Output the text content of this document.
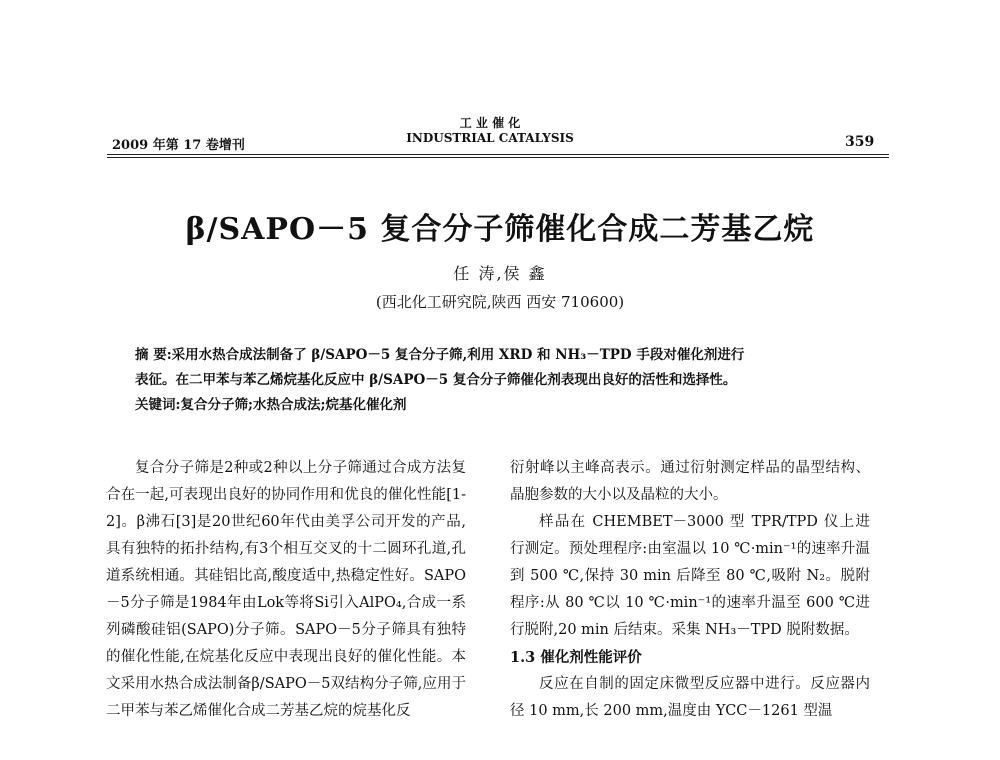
2009 年第 17 卷增刊
工 业 催 化
INDUSTRIAL CATALYSIS	359
β/SAPO－5 复合分子筛催化合成二芳基乙烷
任 涛,侯 鑫
(西北化工研究院,陕西 西安 710600)

摘 要:采用水热合成法制备了 β/SAPO－5 复合分子筛,利用 XRD 和 NH₃－TPD 手段对催化剂进行

表征。在二甲苯与苯乙烯烷基化反应中 β/SAPO－5 复合分子筛催化剂表现出良好的活性和选择性。

关键词:复合分子筛;水热合成法;烷基化催化剂

复合分子筛是2种或2种以上分子筛通过合成方法复合在一起,可表现出良好的协同作用和优良的催化性能[1-2]。β沸石[3]是20世纪60年代由美孚公司开发的产品,具有独特的拓扑结构,有3个相互交叉的十二圆环孔道,孔道系统相通。其硅铝比高,酸度适中,热稳定性好。SAPO－5分子筛是1984年由Lok等将Si引入AlPO₄,合成一系列磷酸硅铝(SAPO)分子筛。SAPO－5分子筛具有独特的催化性能,在烷基化反应中表现出良好的催化性能。本文采用水热合成法制备β/SAPO－5双结构分子筛,应用于二甲苯与苯乙烯催化合成二芳基乙烷的烷基化反

衍射峰以主峰高表示。通过衍射测定样品的晶型结构、晶胞参数的大小以及晶粒的大小。

样品在 CHEMBET－3000 型 TPR/TPD 仪上进行测定。预处理程序:由室温以 10 ℃·min⁻¹的速率升温到 500 ℃,保持 30 min 后降至 80 ℃,吸附 N₂。脱附程序:从 80 ℃以 10 ℃·min⁻¹的速率升温至 600 ℃进行脱附,20 min 后结束。采集 NH₃－TPD 脱附数据。

1.3 催化剂性能评价

反应在自制的固定床微型反应器中进行。反应器内径 10 mm,长 200 mm,温度由 YCC－1261 型温
